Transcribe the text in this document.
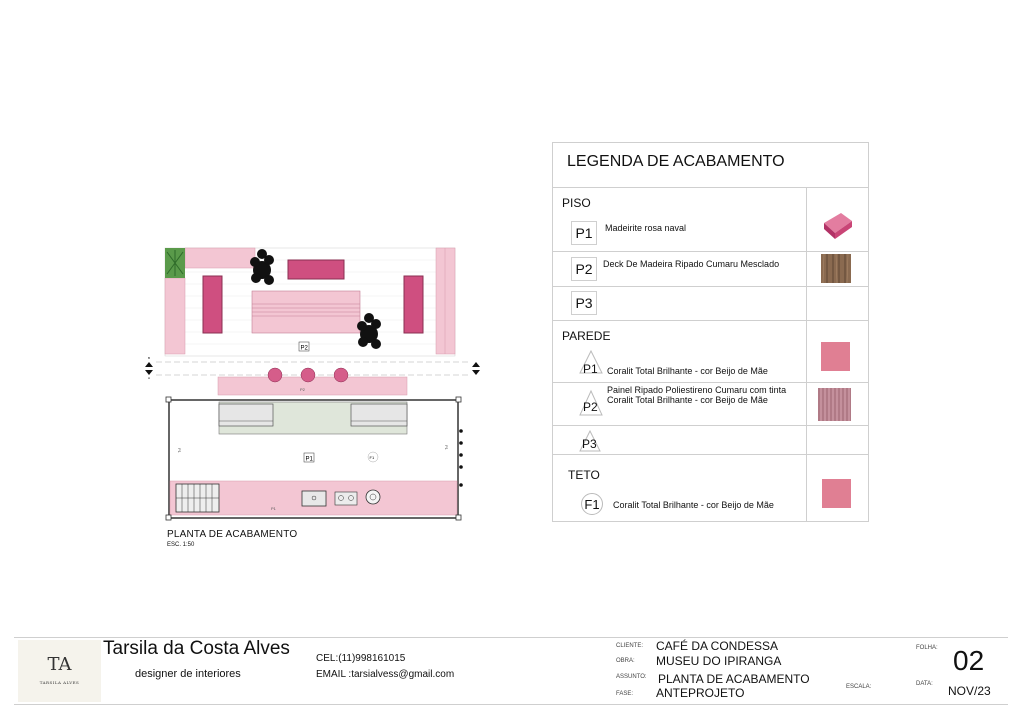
P2
B
A
P2
P1	F1
P1
P1
P1
PLANTA DE ACABAMENTO
ESC. 1:50
LEGENDA DE ACABAMENTO
PISO
P1	Madeirite rosa naval
P2	Deck De Madeira Ripado Cumaru Mesclado
P3
PAREDE
P1 Coralit Total Brilhante - cor Beijo de Mãe
P2
Painel Ripado Poliestireno Cumaru com tinta Coralit Total Brilhante - cor Beijo de Mãe
P3
TETO
F1	Coralit Total Brilhante - cor Beijo de Mãe
TA
TARSILA ALVES
Tarsila da Costa Alves
designer de interiores
CEL:(11)998161015
EMAIL :tarsialvess@gmail.com
CLIENTE: CAFÉ DA CONDESSA
OBRA: MUSEU DO IPIRANGA
ASSUNTO: PLANTA DE ACABAMENTO
FASE: ANTEPROJETO	ESCALA:
FOLHA: 02
DATA: NOV/23
